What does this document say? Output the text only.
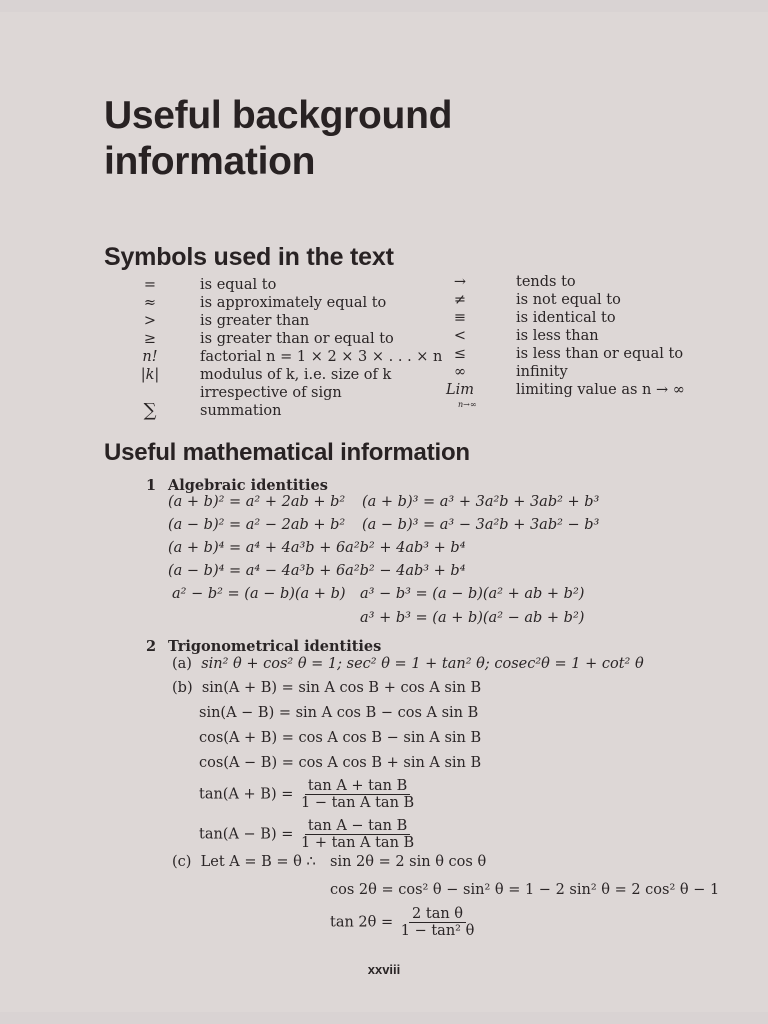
Useful background
information
Symbols used in the text
=	is equal to
≈	is approximately equal to
>	is greater than
≥	is greater than or equal to
n!	factorial n = 1 × 2 × 3 × . . . × n
|k|	modulus of k, i.e. size of k
irrespective of sign
∑	summation
→	tends to
≠	is not equal to
≡	is identical to
<	is less than
≤	is less than or equal to
∞	infinity
Lim	limiting value as n → ∞
n→∞
Useful mathematical information
1 Algebraic identities
(a + b)² = a² + 2ab + b² (a + b)³ = a³ + 3a²b + 3ab² + b³
(a − b)² = a² − 2ab + b² (a − b)³ = a³ − 3a²b + 3ab² − b³
(a + b)⁴ = a⁴ + 4a³b + 6a²b² + 4ab³ + b⁴
(a − b)⁴ = a⁴ − 4a³b + 6a²b² − 4ab³ + b⁴
a² − b² = (a − b)(a + b) a³ − b³ = (a − b)(a² + ab + b²)
a³ + b³ = (a + b)(a² − ab + b²)
2 Trigonometrical identities
(a) sin² θ + cos² θ = 1; sec² θ = 1 + tan² θ; cosec²θ = 1 + cot² θ
(b) sin(A + B) = sin A cos B + cos A sin B
sin(A − B) = sin A cos B − cos A sin B
cos(A + B) = cos A cos B − sin A sin B
cos(A − B) = cos A cos B + sin A sin B
$\tan(A + B) = \frac{\text{tan A + tan B}}{\text{1 − tan A tan B}}$
$\tan(A - B) = \frac{\text{tan A − tan B}}{\text{1 + tan A tan B}}$
(c) Let A = B = θ ∴ sin 2θ = 2 sin θ cos θ
cos 2θ = cos² θ − sin² θ = 1 − 2 sin² θ = 2 cos² θ − 1
$\tan 2\theta = \frac{\text{2 tan θ}}{\text{1 − tan² θ}}$
xxviii
